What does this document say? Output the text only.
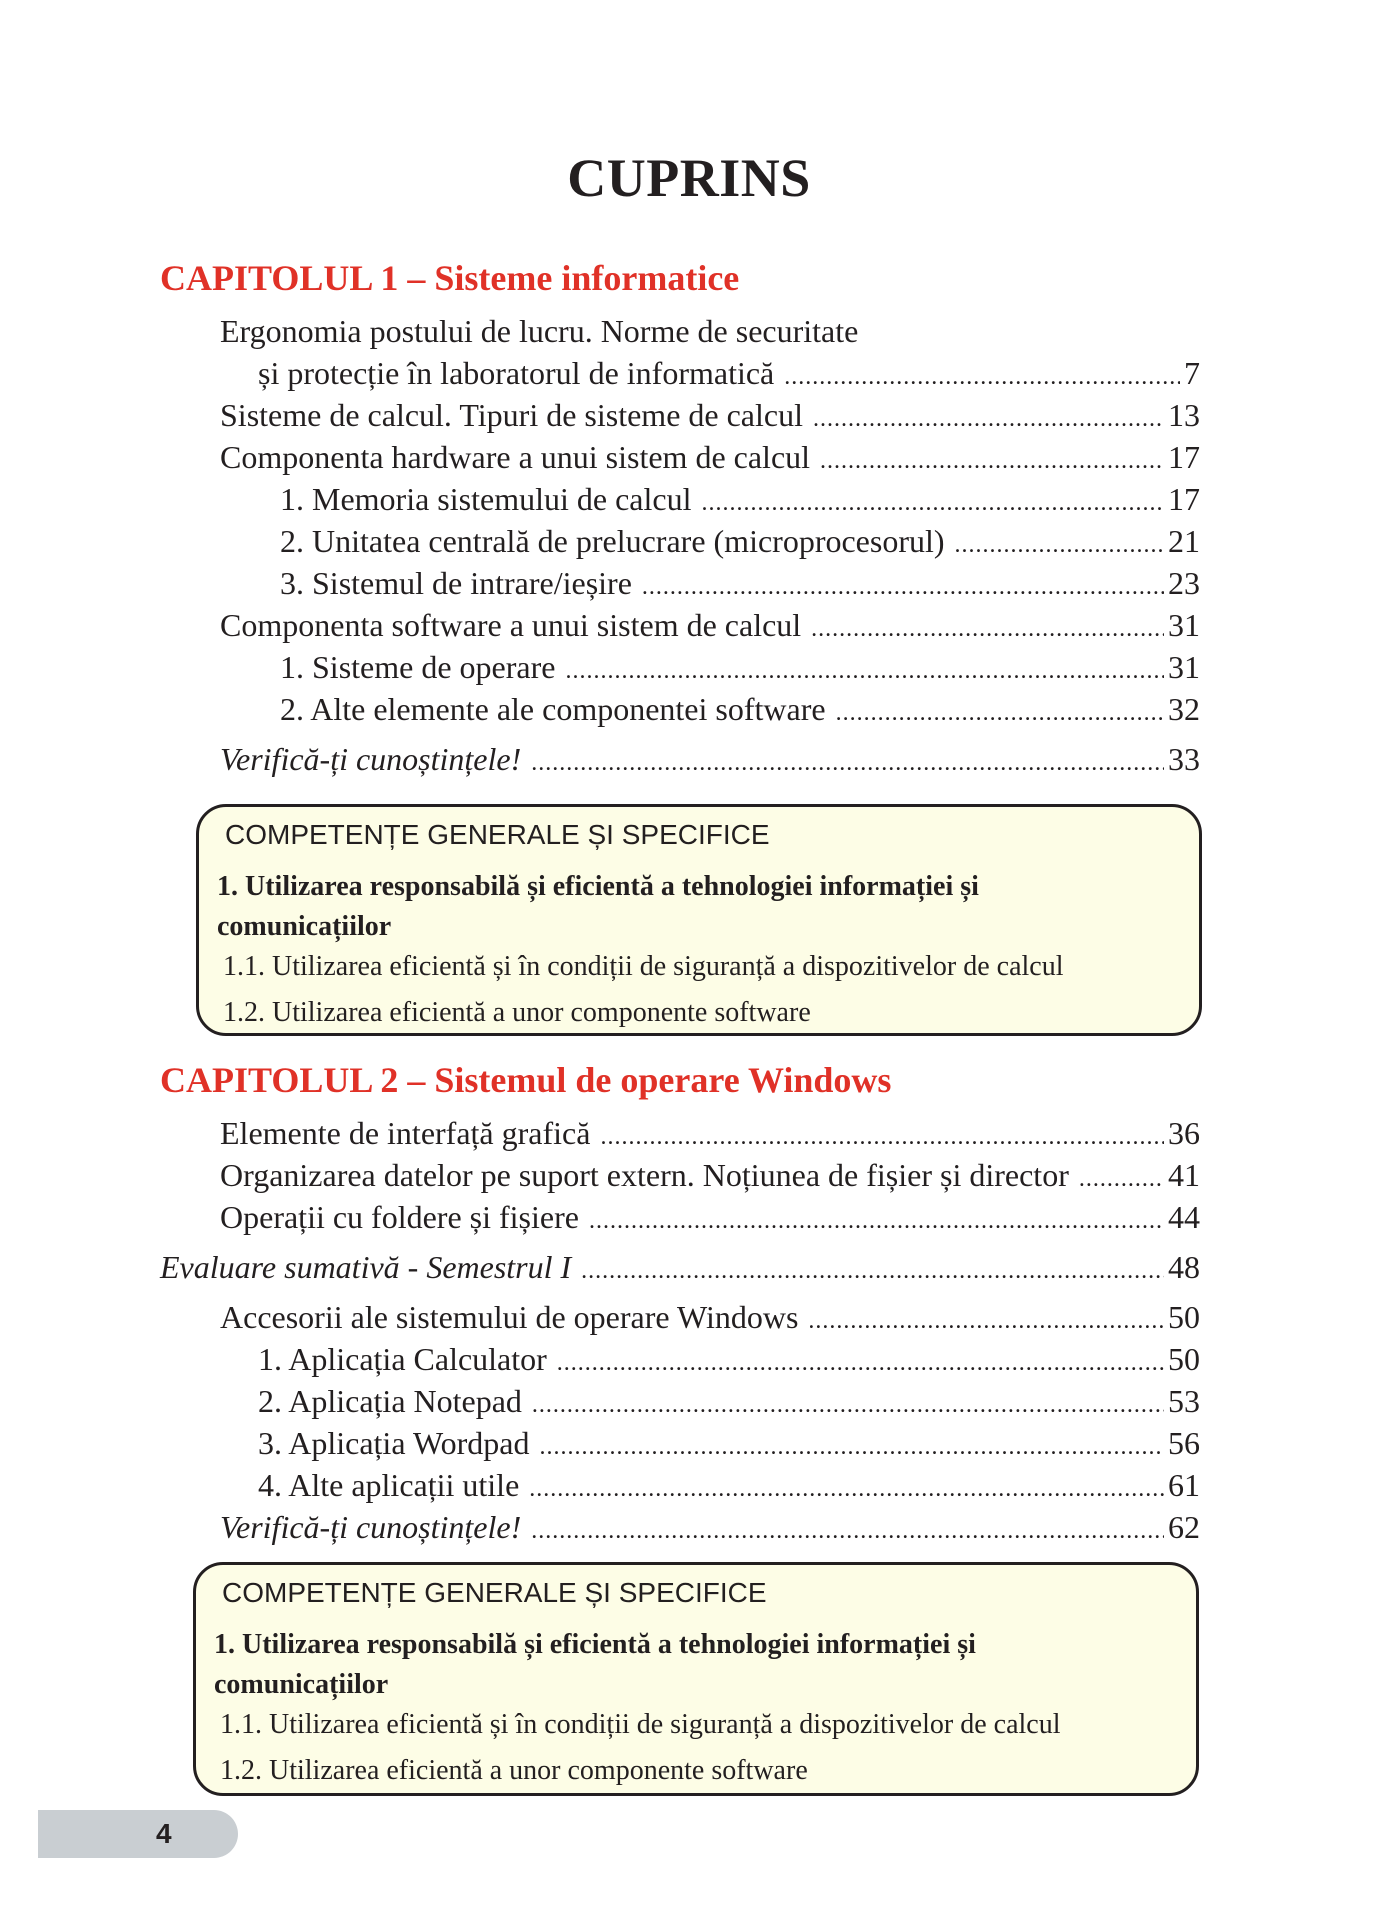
CUPRINS
CAPITOLUL 1 – Sisteme informatice
Ergonomia postului de lucru. Norme de securitate
și protecție în laboratorul de informatică .....	7
Sisteme de calcul. Tipuri de sisteme de calcul .....	13
Componenta hardware a unui sistem de calcul .....	17
1. Memoria sistemului de calcul .....	17
2. Unitatea centrală de prelucrare (microprocesorul) .....	21
3. Sistemul de intrare/ieșire .....	23
Componenta software a unui sistem de calcul .....	31
1. Sisteme de operare .....	31
2. Alte elemente ale componentei software .....	32
Verifică-ți cunoștințele! .....	33
COMPETENȚE GENERALE ȘI SPECIFICE
1. Utilizarea responsabilă și eficientă a tehnologiei informației și comunicațiilor
1.1. Utilizarea eficientă și în condiții de siguranță a dispozitivelor de calcul
1.2. Utilizarea eficientă a unor componente software
CAPITOLUL 2 – Sistemul de operare Windows
Elemente de interfață grafică .....	36
Organizarea datelor pe suport extern. Noțiunea de fișier și director .....	41
Operații cu foldere și fișiere .....	44
Evaluare sumativă - Semestrul I .....	48
Accesorii ale sistemului de operare Windows .....	50
1. Aplicația Calculator .....	50
2. Aplicația Notepad .....	53
3. Aplicația Wordpad .....	56
4. Alte aplicații utile .....	61
Verifică-ți cunoștințele! .....	62
COMPETENȚE GENERALE ȘI SPECIFICE
1. Utilizarea responsabilă și eficientă a tehnologiei informației și comunicațiilor
1.1. Utilizarea eficientă și în condiții de siguranță a dispozitivelor de calcul
1.2. Utilizarea eficientă a unor componente software
4
